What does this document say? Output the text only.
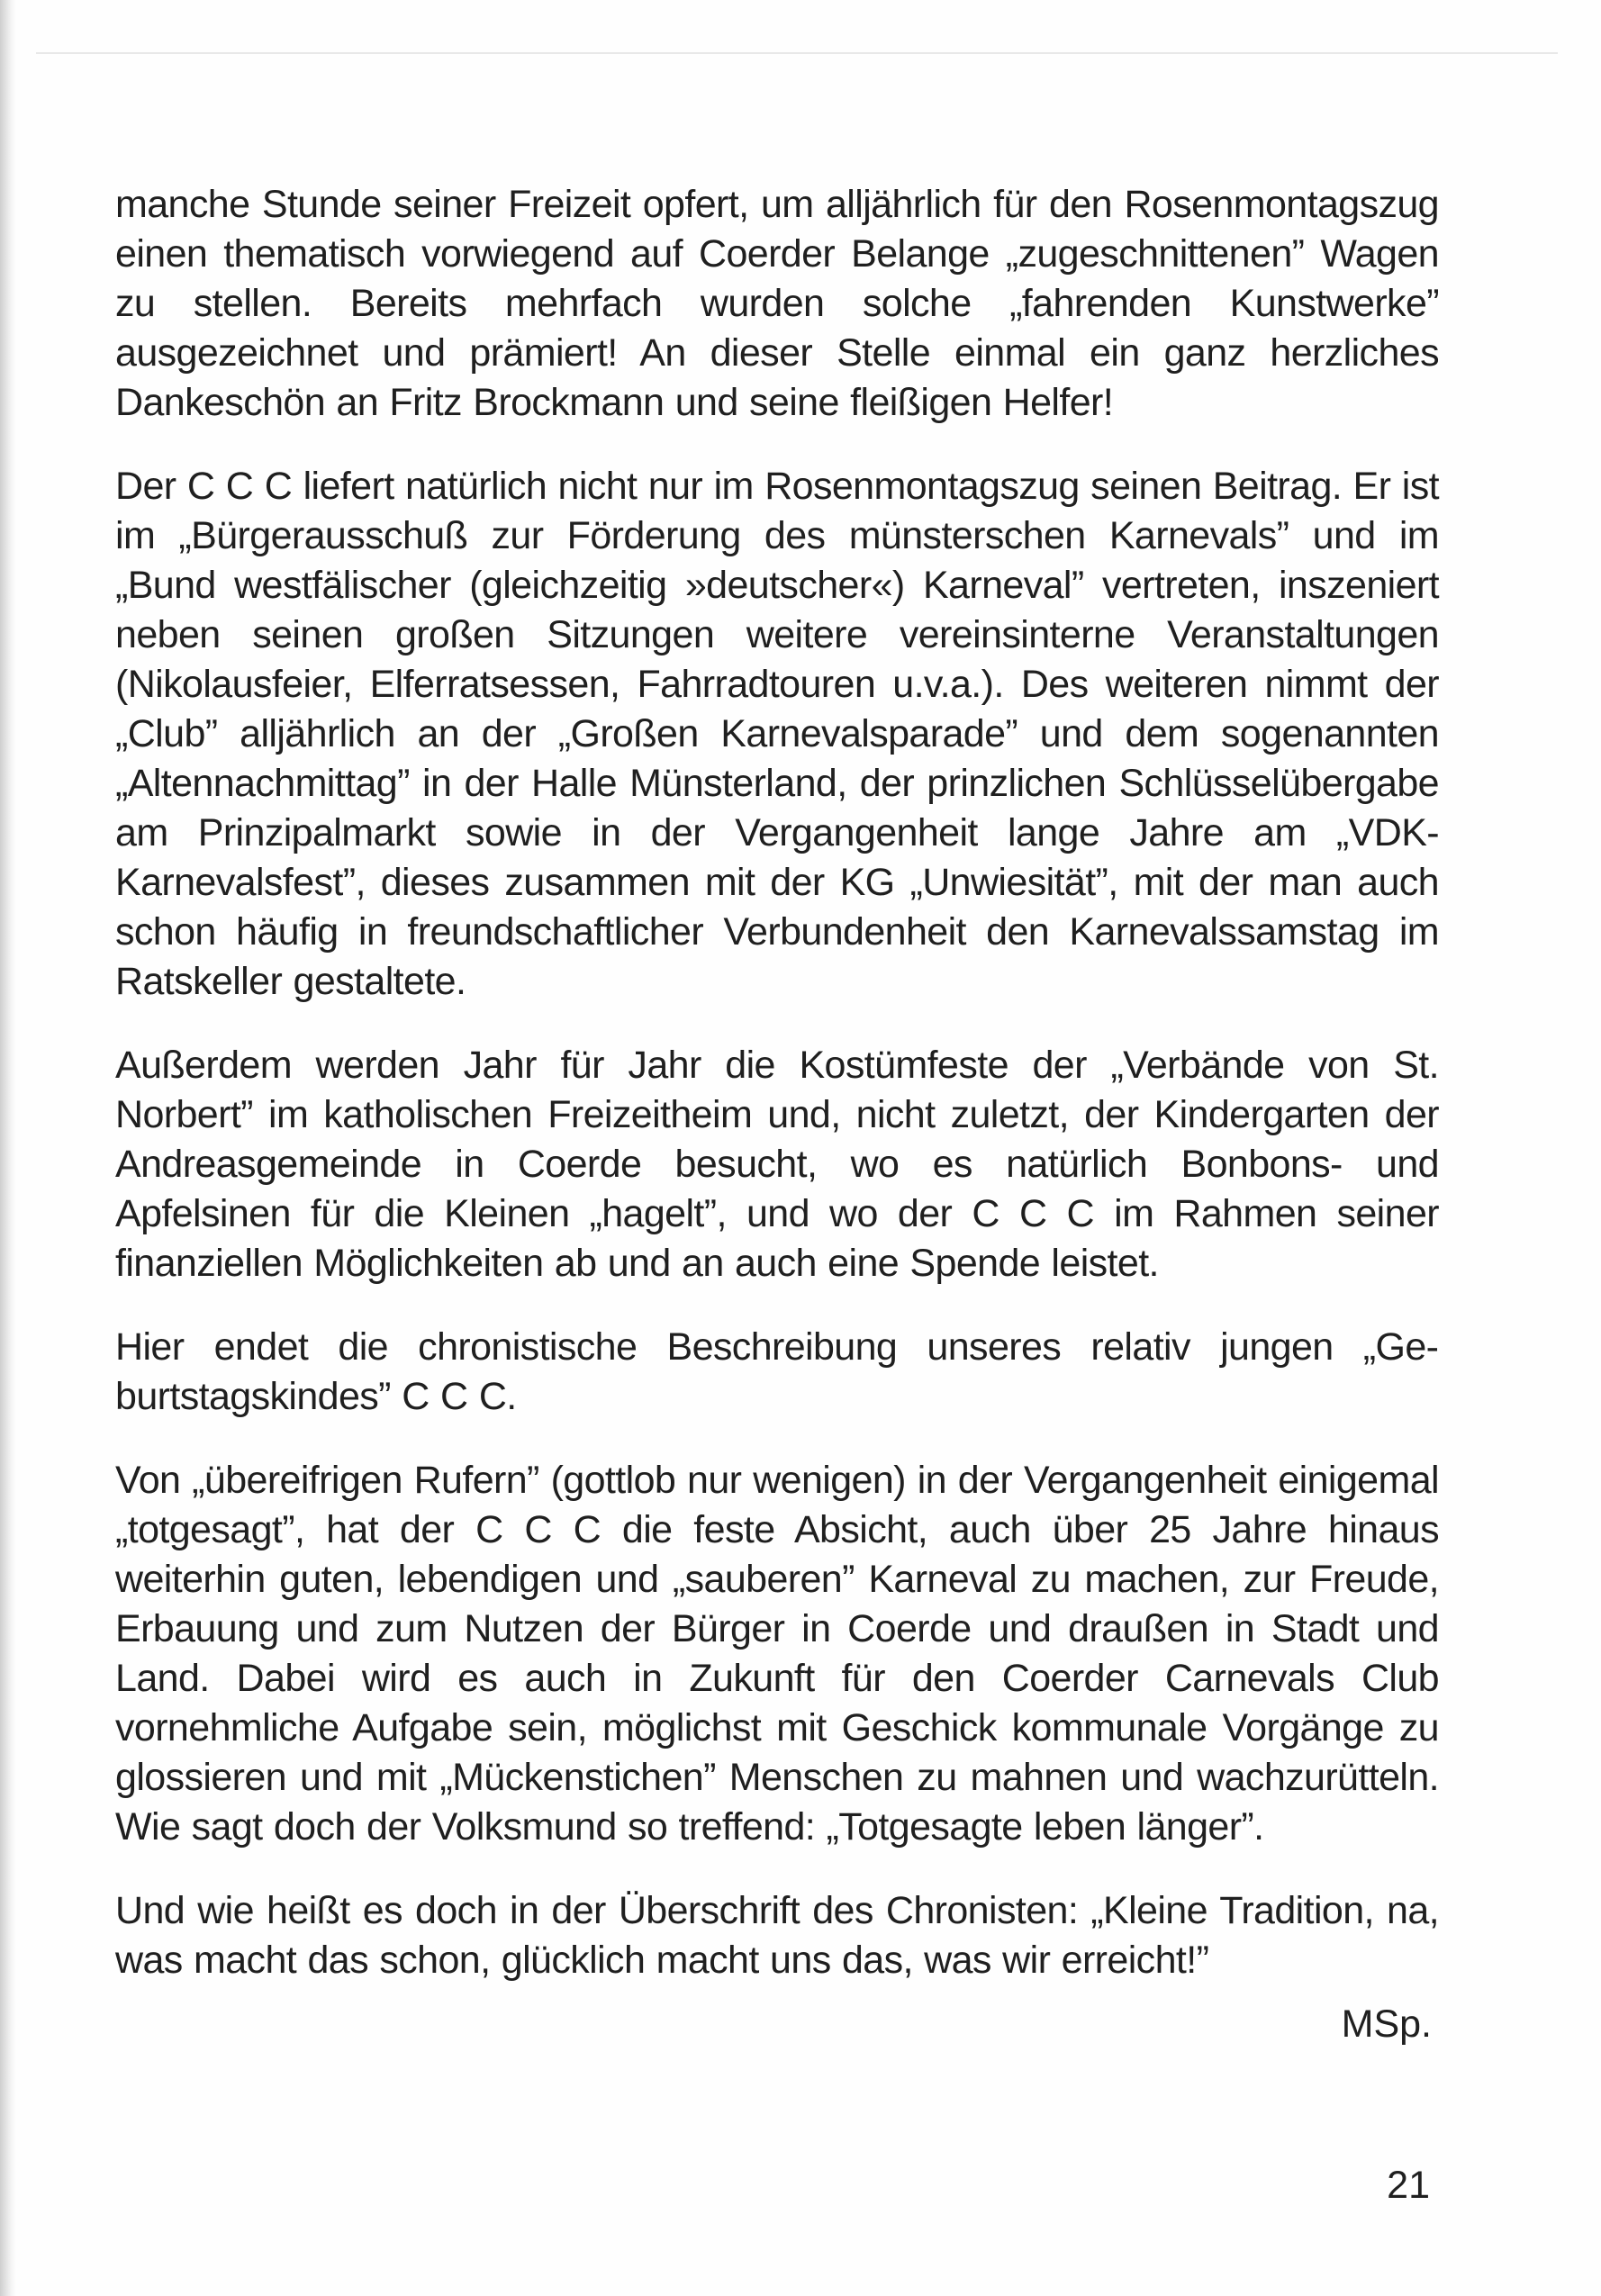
manche Stunde seiner Freizeit opfert, um alljährlich für den Rosenmontagszug einen thematisch vorwiegend auf Coerder Belange „zugeschnittenen” Wagen zu stellen. Bereits mehrfach wurden solche „fahrenden Kunstwerke” ausgezeichnet und prämiert! An dieser Stelle einmal ein ganz herzliches Dankeschön an Fritz Brockmann und seine fleißigen Helfer!

Der C C C liefert natürlich nicht nur im Rosenmontagszug seinen Beitrag. Er ist im „Bürgerausschuß zur Förderung des münsterschen Karnevals” und im „Bund westfälischer (gleichzeitig »deutscher«) Karneval” vertreten, inszeniert neben seinen großen Sitzungen weitere vereinsinterne Veranstaltungen (Nikolausfeier, Elferratsessen, Fahrradtouren u.v.a.). Des weiteren nimmt der „Club” alljährlich an der „Großen Karnevalsparade” und dem sogenannten „Altennachmittag” in der Halle Münsterland, der prinzlichen Schlüsselübergabe am Prinzipalmarkt sowie in der Vergangenheit lange Jahre am „VDK-Karnevalsfest”, dieses zusammen mit der KG „Unwiesität”, mit der man auch schon häufig in freundschaftlicher Verbundenheit den Karnevalssamstag im Ratskeller gestaltete.

Außerdem werden Jahr für Jahr die Kostümfeste der „Verbände von St. Norbert” im katholischen Freizeitheim und, nicht zuletzt, der Kindergarten der Andreasgemeinde in Coerde besucht, wo es natürlich Bonbons- und Apfelsinen für die Kleinen „hagelt”, und wo der C C C im Rahmen seiner finanziellen Möglichkeiten ab und an auch eine Spende leistet.

Hier endet die chronistische Beschreibung unseres relativ jungen „Geburtstagskindes” C C C.

Von „übereifrigen Rufern” (gottlob nur wenigen) in der Vergangenheit einigemal „totgesagt”, hat der C C C die feste Absicht, auch über 25 Jahre hinaus weiterhin guten, lebendigen und „sauberen” Karneval zu machen, zur Freude, Erbauung und zum Nutzen der Bürger in Coerde und draußen in Stadt und Land. Dabei wird es auch in Zukunft für den Coerder Carnevals Club vornehmliche Aufgabe sein, möglichst mit Geschick kommunale Vorgänge zu glossieren und mit „Mückenstichen” Menschen zu mahnen und wachzurütteln. Wie sagt doch der Volksmund so treffend: „Totgesagte leben länger”.

Und wie heißt es doch in der Überschrift des Chronisten: „Kleine Tradition, na, was macht das schon, glücklich macht uns das, was wir erreicht!”

MSp.

21
